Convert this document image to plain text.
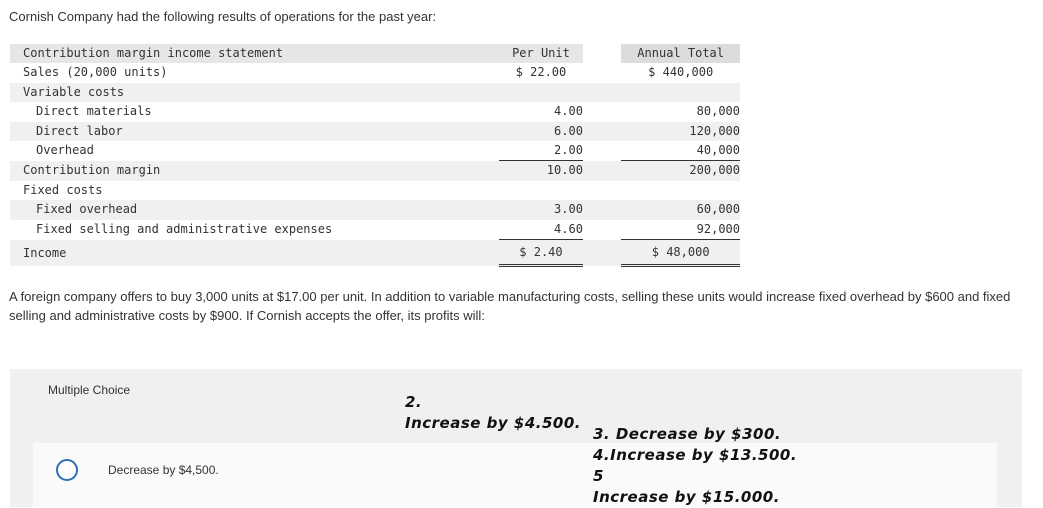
Cornish Company had the following results of operations for the past year:
Contribution margin income statement	Per Unit		Annual Total
Sales (20,000 units)	$ 22.00		$ 440,000
Variable costs			
Direct materials	4.00		80,000
Direct labor	6.00		120,000
Overhead	2.00		40,000
Contribution margin	10.00		200,000
Fixed costs			
Fixed overhead	3.00		60,000
Fixed selling and administrative expenses	4.60		92,000
Income	$ 2.40		$ 48,000
A foreign company offers to buy 3,000 units at $17.00 per unit. In addition to variable manufacturing costs, selling these units would increase fixed overhead by $600 and fixed selling and administrative costs by $900. If Cornish accepts the offer, its profits will:
Multiple Choice
Decrease by $4,500.
2.
Increase by $4.500.
3. Decrease by $300.
4.Increase by $13.500.
5
Increase by $15.000.
